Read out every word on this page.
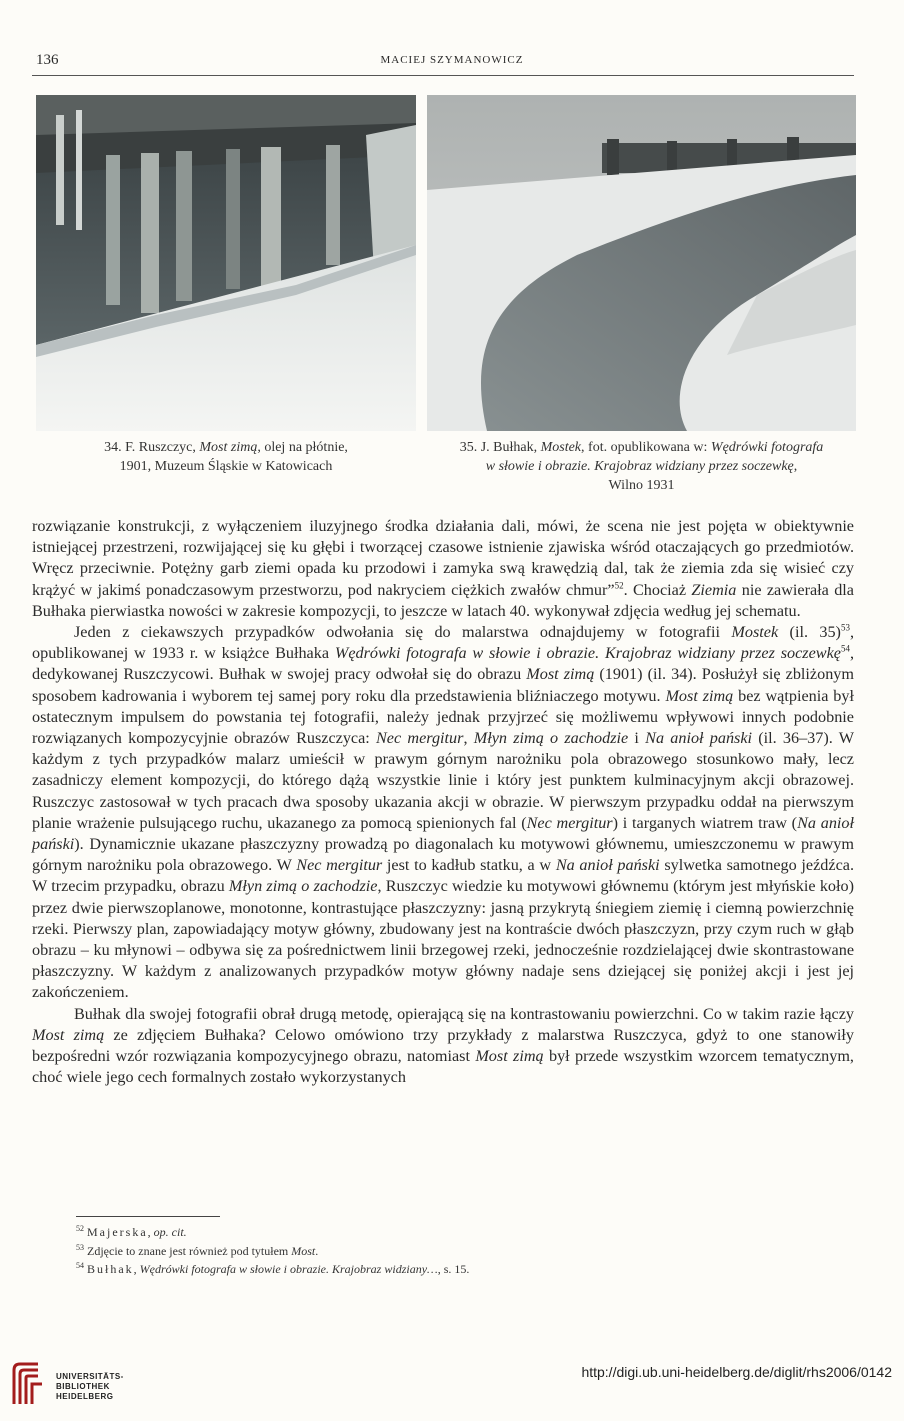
136	MACIEJ SZYMANOWICZ
34. F. Ruszczyc, Most zimą, olej na płótnie,
1901, Muzeum Śląskie w Katowicach
35. J. Bułhak, Mostek, fot. opublikowana w: Wędrówki fotografa
w słowie i obrazie. Krajobraz widziany przez soczewkę,
Wilno 1931

rozwiązanie konstrukcji, z wyłączeniem iluzyjnego środka działania dali, mówi, że scena nie jest pojęta w obiektywnie istniejącej przestrzeni, rozwijającej się ku głębi i tworzącej czasowe istnienie zjawiska wśród otaczających go przedmiotów. Wręcz przeciwnie. Potężny garb ziemi opada ku przodowi i zamyka swą krawędzią dal, tak że ziemia zda się wisieć czy krążyć w jakimś ponadczasowym przestworzu, pod nakryciem ciężkich zwałów chmur”$^{52}$. Chociaż Ziemia nie zawierała dla Bułhaka pierwiastka nowości w zakresie kompozycji, to jeszcze w latach 40. wykonywał zdjęcia według jej schematu.

Jeden z ciekawszych przypadków odwołania się do malarstwa odnajdujemy w fotografii Mostek (il. 35)$^{53}$, opublikowanej w 1933 r. w książce Bułhaka Wędrówki fotografa w słowie i obrazie. Krajobraz widziany przez soczewkę$^{54}$, dedykowanej Ruszczycowi. Bułhak w swojej pracy odwołał się do obrazu Most zimą (1901) (il. 34). Posłużył się zbliżonym sposobem kadrowania i wyborem tej samej pory roku dla przedstawienia bliźniaczego motywu. Most zimą bez wątpienia był ostatecznym impulsem do powstania tej fotografii, należy jednak przyjrzeć się możliwemu wpływowi innych podobnie rozwiązanych kompozycyjnie obrazów Ruszczyca: Nec mergitur, Młyn zimą o zachodzie i Na anioł pański (il. 36–37). W każdym z tych przypadków malarz umieścił w prawym górnym narożniku pola obrazowego stosunkowo mały, lecz zasadniczy element kompozycji, do którego dążą wszystkie linie i który jest punktem kulminacyjnym akcji obrazowej. Ruszczyc zastosował w tych pracach dwa sposoby ukazania akcji w obrazie. W pierwszym przypadku oddał na pierwszym planie wrażenie pulsującego ruchu, ukazanego za pomocą spienionych fal (Nec mergitur) i targanych wiatrem traw (Na anioł pański). Dynamicznie ukazane płaszczyzny prowadzą po diagonalach ku motywowi głównemu, umieszczonemu w prawym górnym narożniku pola obrazowego. W Nec mergitur jest to kadłub statku, a w Na anioł pański sylwetka samotnego jeźdźca. W trzecim przypadku, obrazu Młyn zimą o zachodzie, Ruszczyc wiedzie ku motywowi głównemu (którym jest młyńskie koło) przez dwie pierwszoplanowe, monotonne, kontrastujące płaszczyzny: jasną przykrytą śniegiem ziemię i ciemną powierzchnię rzeki. Pierwszy plan, zapowiadający motyw główny, zbudowany jest na kontraście dwóch płaszczyzn, przy czym ruch w głąb obrazu – ku młynowi – odbywa się za pośrednictwem linii brzegowej rzeki, jednocześnie rozdzielającej dwie skontrastowane płaszczyzny. W każdym z analizowanych przypadków motyw główny nadaje sens dziejącej się poniżej akcji i jest jej zakończeniem.

Bułhak dla swojej fotografii obrał drugą metodę, opierającą się na kontrastowaniu powierzchni. Co w takim razie łączy Most zimą ze zdjęciem Bułhaka? Celowo omówiono trzy przykłady z malarstwa Ruszczyca, gdyż to one stanowiły bezpośredni wzór rozwiązania kompozycyjnego obrazu, natomiast Most zimą był przede wszystkim wzorcem tematycznym, choć wiele jego cech formalnych zostało wykorzystanych

$^{52}$ Majerska, op. cit.
$^{53}$ Zdjęcie to znane jest również pod tytułem Most.
$^{54}$ Bułhak, Wędrówki fotografa w słowie i obrazie. Krajobraz widziany…, s. 15.
UNIVERSITÄTS-
BIBLIOTHEK
HEIDELBERG
http://digi.ub.uni-heidelberg.de/diglit/rhs2006/0142
